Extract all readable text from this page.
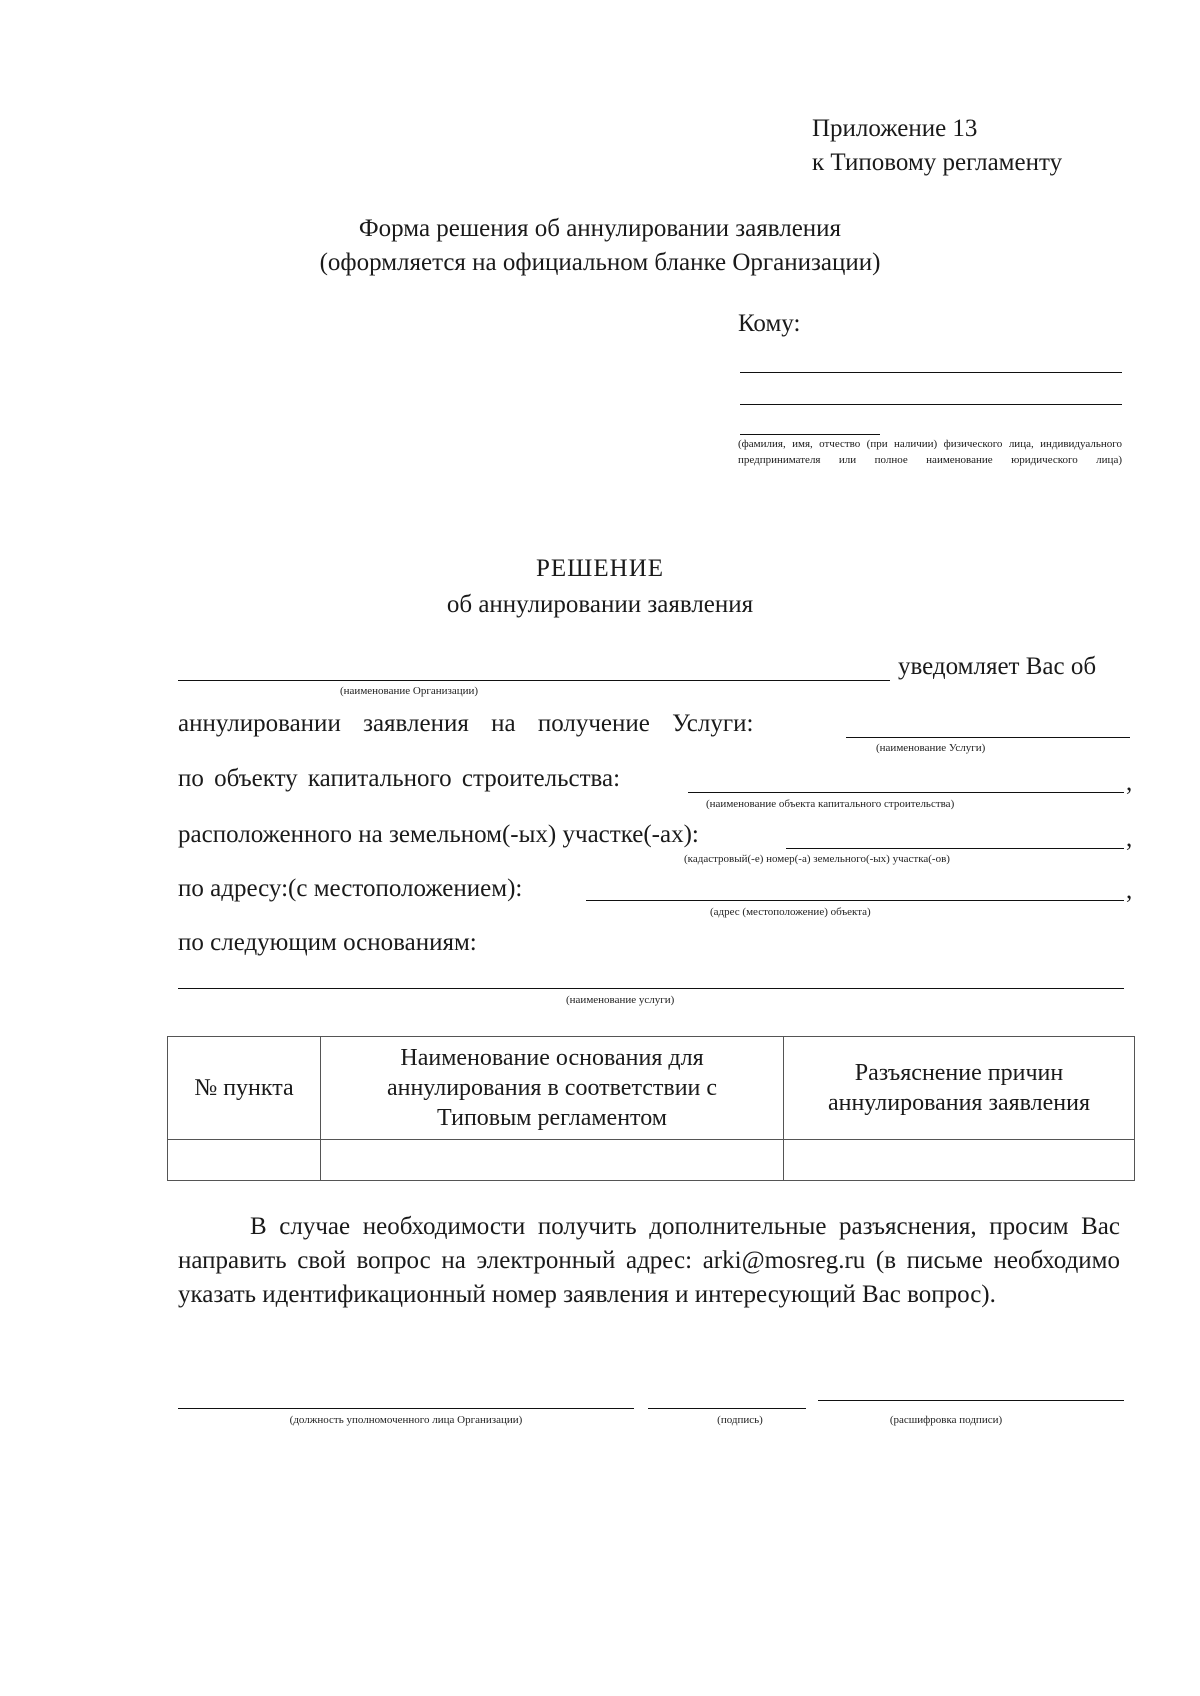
Приложение 13
к Типовому регламенту
Форма решения об аннулировании заявления
(оформляется на официальном бланке Организации)
Кому:
(фамилия, имя, отчество (при наличии) физического лица, индивидуального предпринимателя или полное наименование юридического лица)
РЕШЕНИЕ
об аннулировании заявления
уведомляет Вас об
(наименование Организации)
аннулировании заявления на получение Услуги:
(наименование Услуги)
по объекту капитального строительства:	,
(наименование объекта капитального строительства)
расположенного на земельном(-ых) участке(-ах):	,
(кадастровый(-е) номер(-а) земельного(-ых) участка(-ов)
по адресу:(с местоположением):	,
(адрес (местоположение) объекта)
по следующим основаниям:
(наименование услуги)
№ пункта	Наименование основания для аннулирования в соответствии с Типовым регламентом	Разъяснение причин аннулирования заявления

В случае необходимости получить дополнительные разъяснения, просим Вас направить свой вопрос на электронный адрес: arki@mosreg.ru (в письме необходимо указать идентификационный номер заявления и интересующий Вас вопрос).

(должность уполномоченного лица Организации)	(подпись)	(расшифровка подписи)
